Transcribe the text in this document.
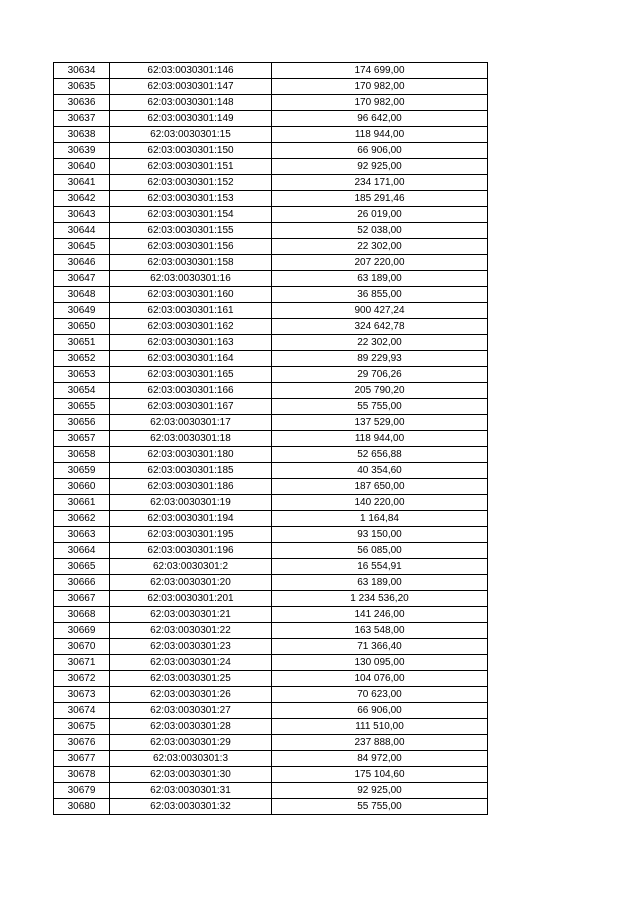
30634	62:03:0030301:146	174 699,00
30635	62:03:0030301:147	170 982,00
30636	62:03:0030301:148	170 982,00
30637	62:03:0030301:149	96 642,00
30638	62:03:0030301:15	118 944,00
30639	62:03:0030301:150	66 906,00
30640	62:03:0030301:151	92 925,00
30641	62:03:0030301:152	234 171,00
30642	62:03:0030301:153	185 291,46
30643	62:03:0030301:154	26 019,00
30644	62:03:0030301:155	52 038,00
30645	62:03:0030301:156	22 302,00
30646	62:03:0030301:158	207 220,00
30647	62:03:0030301:16	63 189,00
30648	62:03:0030301:160	36 855,00
30649	62:03:0030301:161	900 427,24
30650	62:03:0030301:162	324 642,78
30651	62:03:0030301:163	22 302,00
30652	62:03:0030301:164	89 229,93
30653	62:03:0030301:165	29 706,26
30654	62:03:0030301:166	205 790,20
30655	62:03:0030301:167	55 755,00
30656	62:03:0030301:17	137 529,00
30657	62:03:0030301:18	118 944,00
30658	62:03:0030301:180	52 656,88
30659	62:03:0030301:185	40 354,60
30660	62:03:0030301:186	187 650,00
30661	62:03:0030301:19	140 220,00
30662	62:03:0030301:194	1 164,84
30663	62:03:0030301:195	93 150,00
30664	62:03:0030301:196	56 085,00
30665	62:03:0030301:2	16 554,91
30666	62:03:0030301:20	63 189,00
30667	62:03:0030301:201	1 234 536,20
30668	62:03:0030301:21	141 246,00
30669	62:03:0030301:22	163 548,00
30670	62:03:0030301:23	71 366,40
30671	62:03:0030301:24	130 095,00
30672	62:03:0030301:25	104 076,00
30673	62:03:0030301:26	70 623,00
30674	62:03:0030301:27	66 906,00
30675	62:03:0030301:28	111 510,00
30676	62:03:0030301:29	237 888,00
30677	62:03:0030301:3	84 972,00
30678	62:03:0030301:30	175 104,60
30679	62:03:0030301:31	92 925,00
30680	62:03:0030301:32	55 755,00
